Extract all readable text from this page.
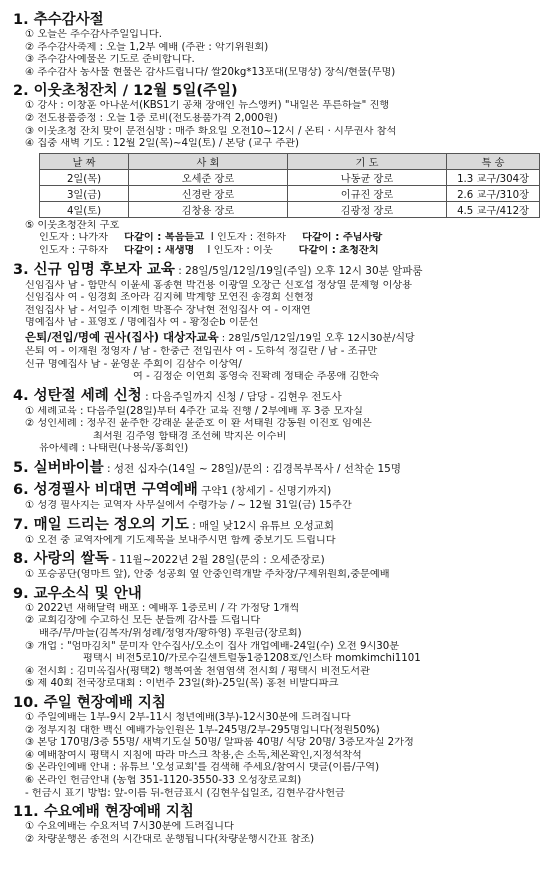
1. 추수감사절
① 오늘은 추수감사주일입니다.
② 추수감사축제 : 오늘 1,2부 예배 (주관 : 악기위원회)
③ 추수감사예물은 기도로 준비합니다.
④ 추수감사 농사물 현물은 감사드립니다/ 쌀20kg*13포대(모명상) 장식/현물(무명)
2. 이웃초청잔치 / 12월 5일(주일)
① 강사 : 이창훈 아나운서(KBS1기 공채 장애인 뉴스앵커) "내일은 푸른하늘" 진행
② 전도용품증정 : 오늘 1층 로비(전도용품가격 2,000원)
③ 이웃초청 잔치 맞이 문전심방 : 매주 화요일 오전10~12시 / 온티 · 시무권사 참석
④ 집중 새벽 기도 : 12월 2일(목)~4일(토) / 본당 (교구 주관)
날 짜	사 회	기 도	특 송
2일(목)	오세준 장로	나동균 장로	1.3 교구/304장
3일(금)	신경란 장로	이규진 장로	2.6 교구/310장
4일(토)	김창용 장로	김광정 장로	4.5 교구/412장
⑤ 이웃초청잔치 구호
인도자 : 나가자 다같이 : 복음듣고 I 인도자 : 전하자 다같이 : 주님사랑
인도자 : 구하자 다같이 : 새생명 I 인도자 : 이웃	다같이 : 초청잔치
3. 신규 임명 후보자 교육 : 28일/5일/12일/19일(주일) 오후 12시 30분 알파룸
신임집사 남 - 함만식 이윤세 홍종현 박건용 이광열 오장근 신호섭 정상열 문제형 이상용
신임집사 여 - 임경희 조아라 김지혜 박계향 모연진 송경희 신현정
전임집사 남 - 서일주 이계헌 박흥수 장낙현 전임집사 여 - 이재연
명예집사 남 - 표영호 / 명예집사 여 - 황정순b 이문선
은퇴/전입/명예 권사(집사) 대상자교육 : 28일/5일/12일/19일 오후 12시30분/식당
은퇴 여 - 이재원 정영자 / 남 - 한충근 전입권사 여 - 도하석 정길란 / 남 - 조규만
신규 명예집사 남 - 윤영운 주희이 김삼수 이상역/
여 - 김정순 이연희 홍영숙 진확례 정태순 추봉애 김한숙
4. 성탄절 세례 신청 : 다음주일까지 신청 / 담당 - 김현우 전도사
① 세례교육 : 다음주일(28일)부터 4주간 교육 진행 / 2부예배 후 3층 모자실
② 성인세례 : 정우진 윤주한 강래운 윤준호 이 환 서태원 강동원 이진호 임예은
최서원 김주영 함태경 조선혜 박지은 이수비
유아세례 : 나태린(나용욱/홍희인)
5. 실버바이블 : 성전 십자수(14일 ~ 28일)/문의 : 김경목부목사 / 선착순 15명
6. 성경필사 비대면 구역예배 구약1 (창세기 - 신명기까지)
① 성경 필사지는 교역자 사무실에서 수령가능 / ~ 12월 31일(금) 15주간
7. 매일 드리는 정오의 기도 : 매일 낮12시 유튜브 오성교회
① 오전 중 교역자에게 기도제목을 보내주시면 함께 중보기도 드립니다
8. 사랑의 쌀독 - 11월~2022년 2월 28일(문의 : 오세준장로)
① 포승공단(영마트 앞), 안중 성공회 옆 안중인력개발 주차장/구제위원회,중문예배
9. 교우소식 및 안내
① 2022년 새해달력 배포 : 예배후 1층로비 / 각 가정당 1개씩
② 교회김장에 수고하신 모든 분들께 감사를 드립니다
배추/무/마늘(김복자/위성례/정영자/황하영) 후원금(장로회)
③ 개업 : "엄마김치" 문미자 안수집사/오소이 집사 개업예배-24일(수) 오전 9시30분
평택시 비전5로10/가로수길센트럴동1층1208호/인스타 momkimchi1101
④ 전시회 : 김미옥집사(평택2) 행복여울 천염염색 전시회 / 평택시 비전도서관
⑤ 제 40회 전국장로대회 : 이번주 23일(화)-25일(목) 홍천 비발디파크
10. 주일 현장예배 지침
① 주일예배는 1부-9시 2부-11시 청년예배(3부)-12시30분에 드려집니다
② 정부지침 대한 백신 예배가능인원은 1부-245명/2부-295명입니다(정원50%)
③ 본당 170명/3층 55명/ 새벽기도실 50명/ 알파룸 40명/ 식당 20명/ 3층모자실 2가정
④ 예배참여시 평택시 지침에 따라 마스크 착용,손 소독,체온확인,지정석착석
⑤ 온라인예배 안내 : 유튜브 '오성교회'를 검색해 주세요/참여시 댓글(이름/구역)
⑥ 온라인 헌금안내 (농협 351-1120-3550-33 오성장로교회)
- 헌금시 표기 방법: 앞-이름 뒤-헌금표시 (김현우십일조, 김현우감사헌금
11. 수요예배 현장예배 지침
① 수요예배는 수요저녁 7시30분에 드려집니다
② 차량운행은 종전의 시간대로 운행됩니다(차량운행시간표 참조)
